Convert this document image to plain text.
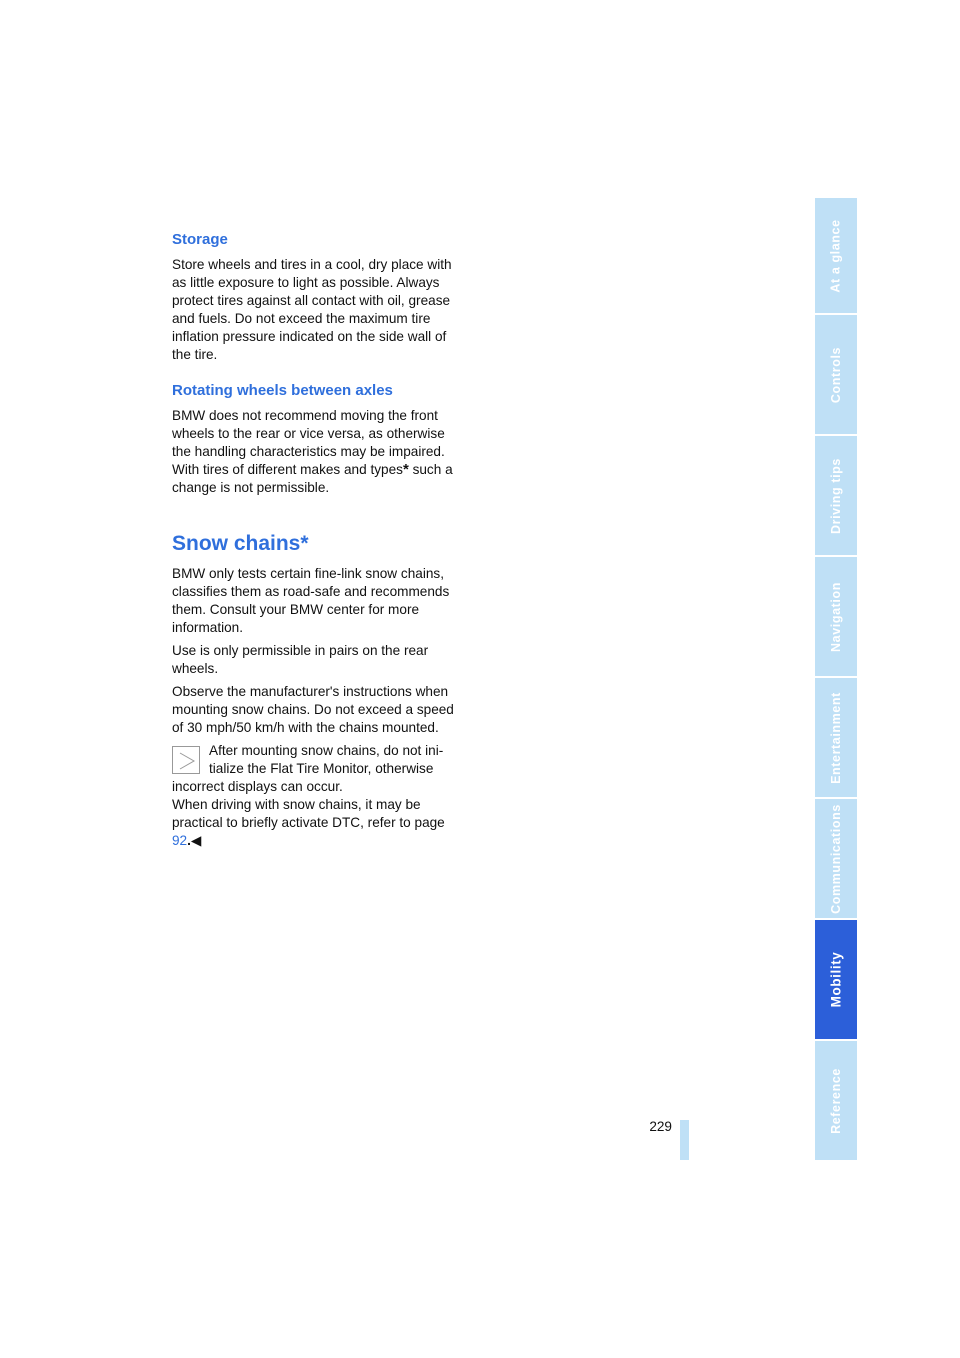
Storage

Store wheels and tires in a cool, dry place with as little exposure to light as possible. Always protect tires against all contact with oil, grease and fuels. Do not exceed the maximum tire inflation pressure indicated on the side wall of the tire.

Rotating wheels between axles

BMW does not recommend moving the front wheels to the rear or vice versa, as otherwise the handling characteristics may be impaired. With tires of different makes and types* such a change is not permissible.

Snow chains*

BMW only tests certain fine-link snow chains, classifies them as road-safe and recommends them. Consult your BMW center for more information.

Use is only permissible in pairs on the rear wheels.

Observe the manufacturer's instructions when mounting snow chains. Do not exceed a speed of 30 mph/50 km/h with the chains mounted.

After mounting snow chains, do not ini-

tialize the Flat Tire Monitor, otherwise

incorrect displays can occur.

When driving with snow chains, it may be practical to briefly activate DTC, refer to page 92.◀

229
At a glance
Controls
Driving tips
Navigation
Entertainment
Communications
Mobility
Reference
